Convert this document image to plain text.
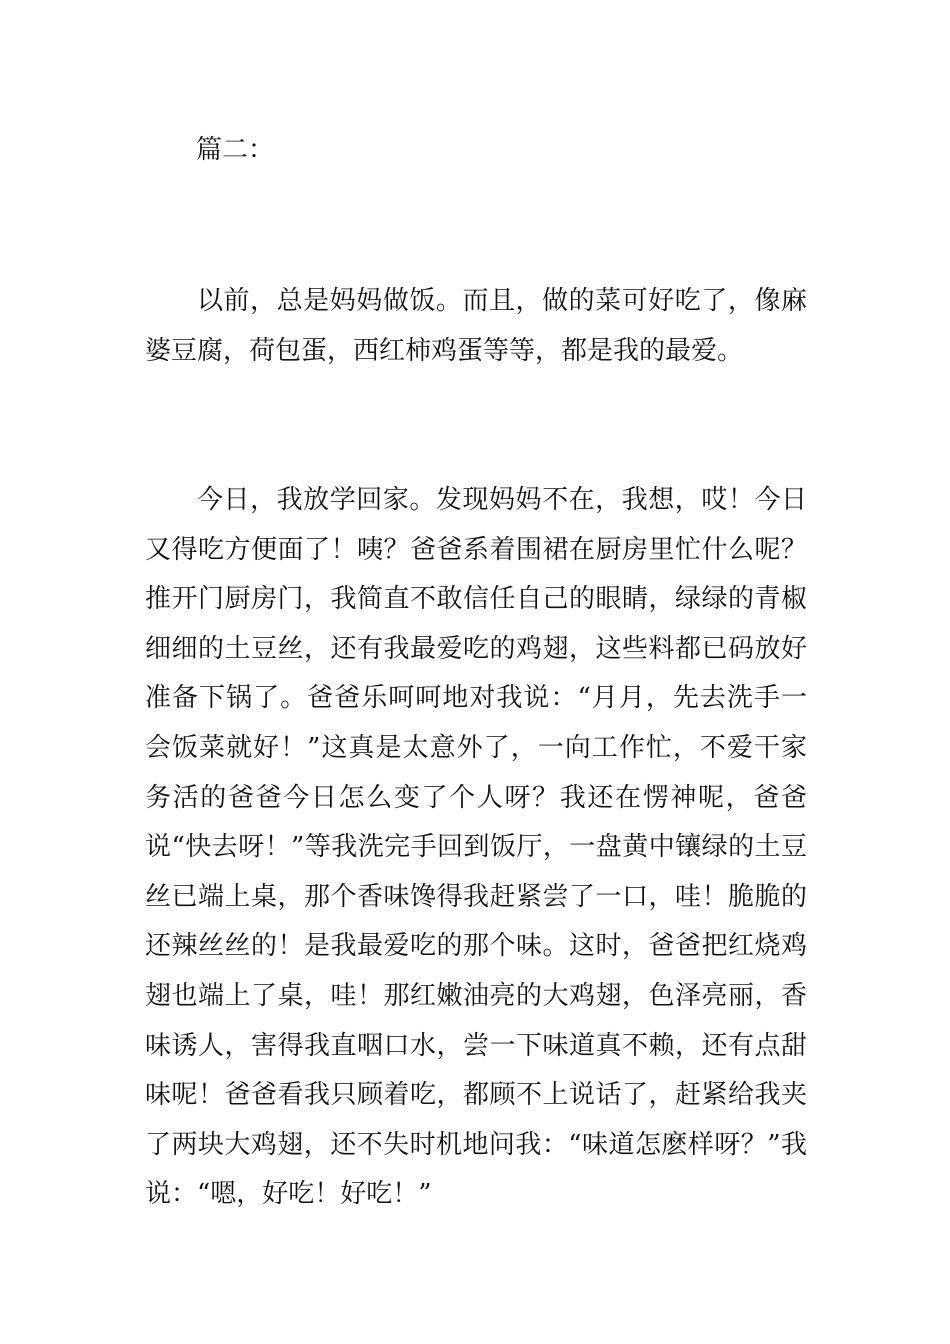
篇二：

以前，总是妈妈做饭。而且，做的菜可好吃了，像麻婆豆腐，荷包蛋，西红柿鸡蛋等等，都是我的最爱。

今日，我放学回家。发现妈妈不在，我想，哎！今日又得吃方便面了！咦？爸爸系着围裙在厨房里忙什么呢？推开门厨房门，我简直不敢信任自己的眼睛，绿绿的青椒细细的土豆丝，还有我最爱吃的鸡翅，这些料都已码放好准备下锅了。爸爸乐呵呵地对我说：“月月，先去洗手一会饭菜就好！”这真是太意外了，一向工作忙，不爱干家务活的爸爸今日怎么变了个人呀？我还在愣神呢，爸爸说“快去呀！”等我洗完手回到饭厅，一盘黄中镶绿的土豆丝已端上桌，那个香味馋得我赶紧尝了一口，哇！脆脆的还辣丝丝的！是我最爱吃的那个味。这时，爸爸把红烧鸡翅也端上了桌，哇！那红嫩油亮的大鸡翅，色泽亮丽，香味诱人，害得我直咽口水，尝一下味道真不赖，还有点甜味呢！爸爸看我只顾着吃，都顾不上说话了，赶紧给我夹了两块大鸡翅，还不失时机地问我：“味道怎麽样呀？”我说：“嗯，好吃！好吃！”
